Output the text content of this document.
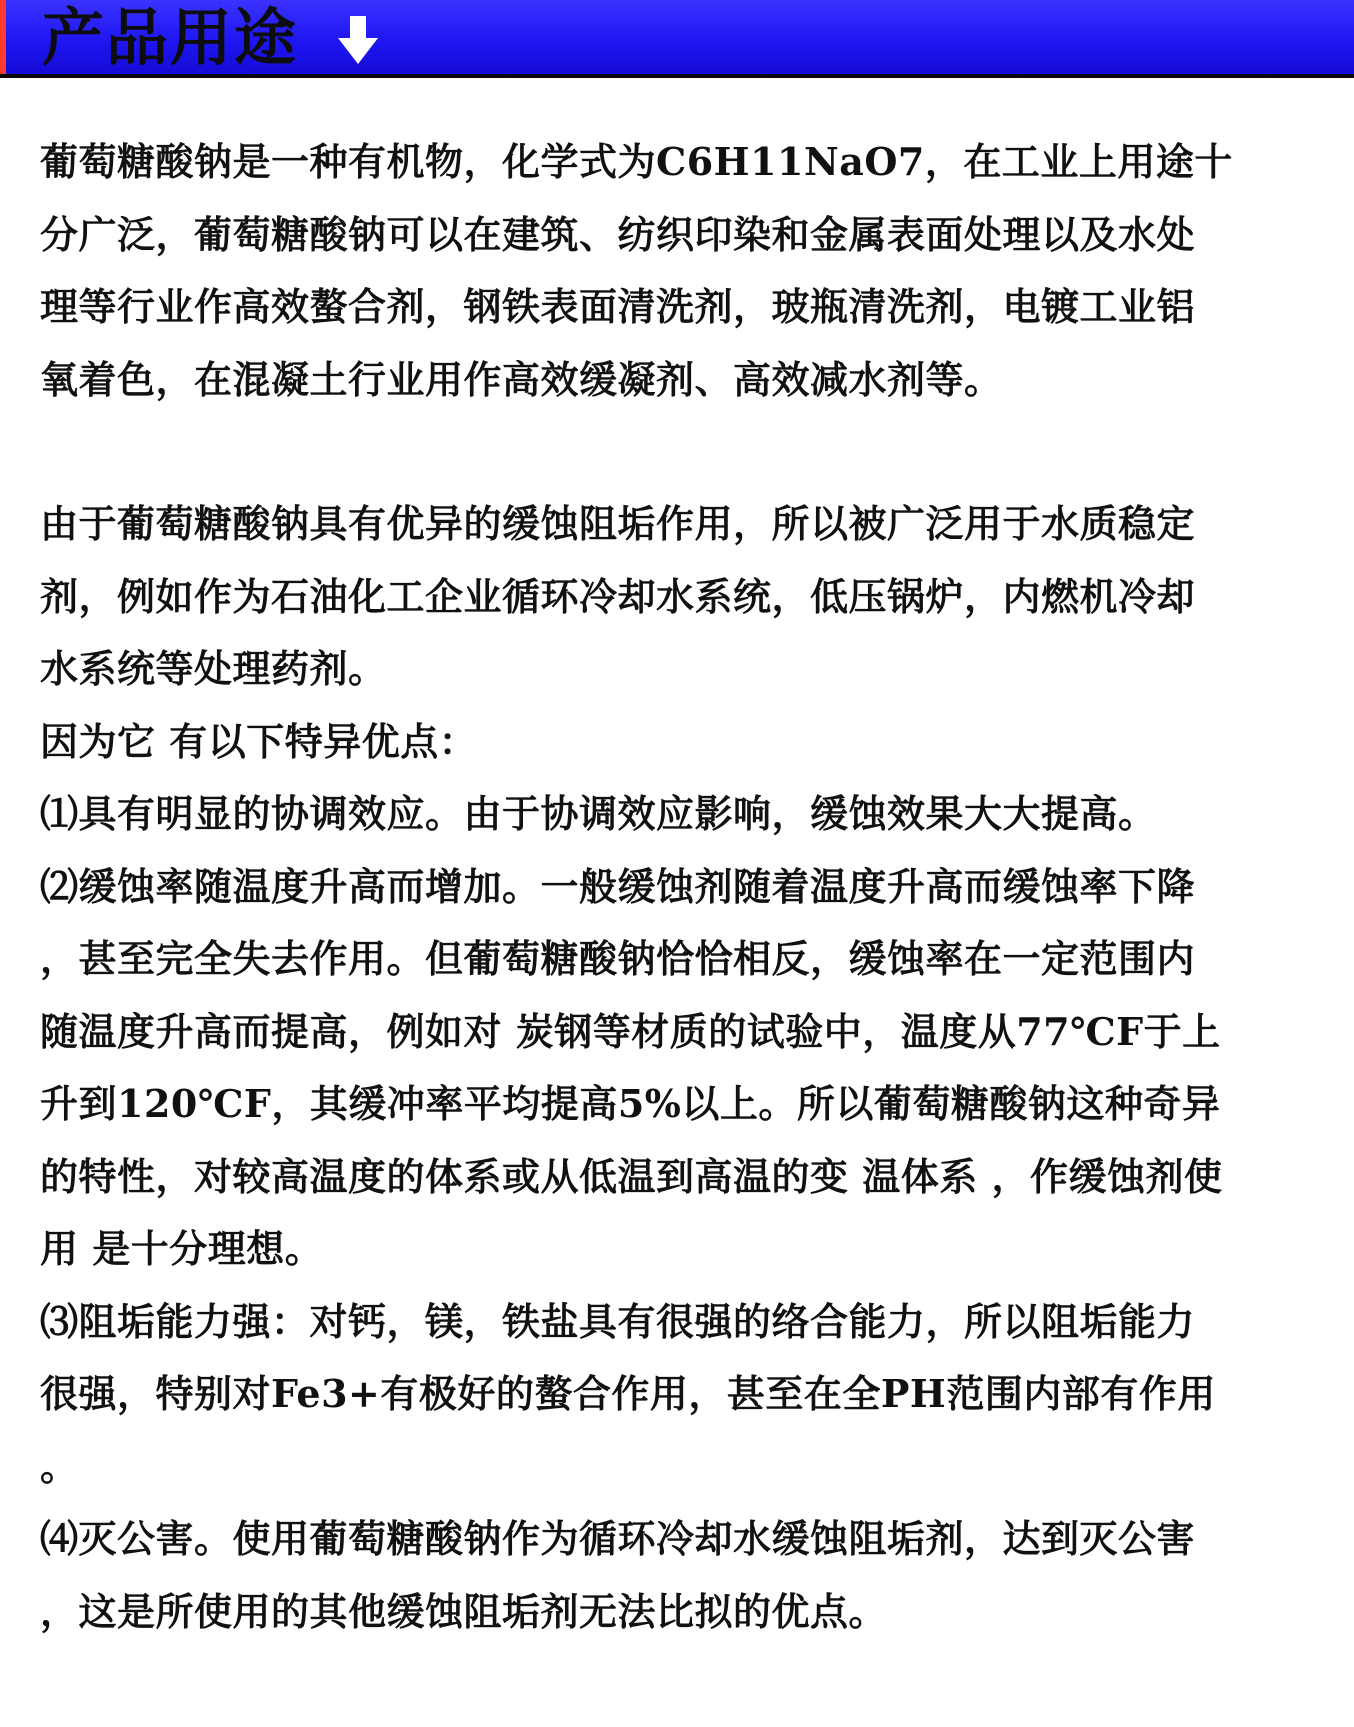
产品用途

葡萄糖酸钠是一种有机物，化学式为C6H11NaO7，在工业上用途十
分广泛，葡萄糖酸钠可以在建筑、纺织印染和金属表面处理以及水处
理等行业作高效螯合剂，钢铁表面清洗剂，玻瓶清洗剂，电镀工业铝
氧着色，在混凝土行业用作高效缓凝剂、高效减水剂等。

由于葡萄糖酸钠具有优异的缓蚀阻垢作用，所以被广泛用于水质稳定
剂，例如作为石油化工企业循环冷却水系统，低压锅炉，内燃机冷却
水系统等处理药剂。

因为它 有以下特异优点：

⑴具有明显的协调效应。由于协调效应影响，缓蚀效果大大提高。

⑵缓蚀率随温度升高而增加。一般缓蚀剂随着温度升高而缓蚀率下降
，甚至完全失去作用。但葡萄糖酸钠恰恰相反，缓蚀率在一定范围内
随温度升高而提高，例如对 炭钢等材质的试验中，温度从77℃F于上
升到120℃F，其缓冲率平均提高5%以上。所以葡萄糖酸钠这种奇异
的特性，对较高温度的体系或从低温到高温的变 温体系 ，作缓蚀剂使
用 是十分理想。

⑶阻垢能力强：对钙，镁，铁盐具有很强的络合能力，所以阻垢能力
很强，特别对Fe3+有极好的螯合作用，甚至在全PH范围内部有作用
。

⑷灭公害。使用葡萄糖酸钠作为循环冷却水缓蚀阻垢剂，达到灭公害
，这是所使用的其他缓蚀阻垢剂无法比拟的优点。
